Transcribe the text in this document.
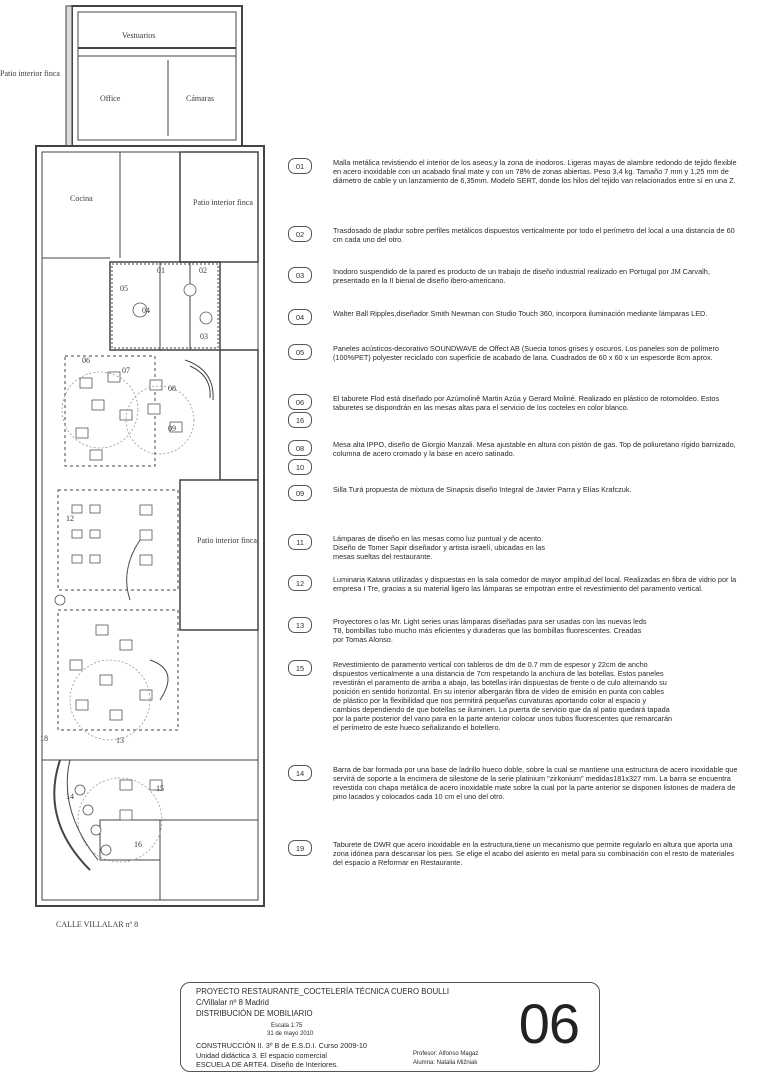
Vestuarios
Office	Cámaras
Cocina
Patio interior finca
Patio interior finca
Patio interior finca
CALLE VILLALAR nº 8
01	02
03
04
05
06
07
08
09
12
13
14
15
16
18
01	Malla metálica revistiendo el interior de los aseos,y la zona de inodoros. Ligeras mayas de alambre redondo de tejido flexible en acero inoxidable con un acabado final mate y con un 78% de zonas abiertas. Peso 3,4 kg. Tamaño 7 mm y 1,25 mm de diámetro de cable y un lanzamiento de 6,35mm. Modelo SERT, donde los hilos del tejido van relacionados entre sí en una Z.
02	Trasdosado de pladur sobre perfiles metálicos dispuestos verticalmente por todo el perímetro del local a una distancia de 60 cm cada uno del otro.
03	Inodoro suspendido de la pared es producto de un trabajo de diseño industrial realizado en Portugal por JM Carvalh, presentado en la II bienal de diseño ibero-americano.
04	Walter Ball Ripples,diseñador Smith Newman con Studio Touch 360, incorpora iluminación mediante lámparas LED.
05	Paneles acústicos-decorativo SOUNDWAVE de Offect AB (Suecia tonos grises y oscuros. Los paneles son de polímero (100%PET) polyester reciclado con superficie de acabado de lana. Cuadrados de 60 x 60 x un espesorde 8cm aprox.
06	El taburete Flod está diseñado por Azúmolinê Martin Azúa y Gerard Moliné. Realizado en plástico de rotomoldeo. Estos taburetes se dispondrán en las mesas altas para el servicio de los cocteles en color blanco.
16
08	Mesa alta IPPO, diseño de Giorgio Manzali. Mesa ajustable en altura con pistón de gas. Top de poliuretano rígido barnizado, columna de acero cromado y la base en acero satinado.
10
09	Silla Turá propuesta de mixtura de Sinapsis diseño Integral de Javier Parra y Elías Krafczuk.
11	Lámparas de diseño en las mesas como luz puntual y de acento. Diseño de Tomer Sapir diseñador y artista israelí, ubicadas en las mesas sueltas del restaurante.
12	Luminaria Katana utilizadas y dispuestas en la sala comedor de mayor amplitud del local. Realizadas en fibra de vidrio por la empresa I Tre, gracias a su material ligero las lámparas se empotran entre el revestimiento del paramento vertical.
13	Proyectores o las Mr. Light series unas lámparas diseñadas para ser usadas con las nuevas leds T8, bombillas tubo mucho más eficientes y duraderas que las bombillas fluorescentes. Creadas por Tomas Alonso.
15	Revestimiento de paramento vertical con tableros de dm de 0.7 mm de espesor y 22cm de ancho dispuestos verticalmente a una distancia de 7cm respetando la anchura de las botellas. Estos paneles revestirán el paramento de arriba a abajo, las botellas irán dispuestas de frente o de culo alternando su posición en sentido horizontal. En su interior albergarán fibra de vídeo de emisión en punta con cables de plástico por la flexibilidad que nos permitirá pequeñas curvaturas aportando color al espacio y cambios dependiendo de que botellas se iluminen. La puerta de servicio que da al patio quedará tapada por la parte posterior del vano para en la parte anterior colocar unos tubos fluorescentes que remarcarán el perímetro de este hueco señalizando el botellero.
14	Barra de bar formada por una base de ladrillo hueco doble, sobre la cual se mantiene una estructura de acero inoxidable que servirá de soporte a la encimera de silestone de la serie platinium "zirkonium" medidas181x327 mm. La barra se encuentra revestida con chapa metálica de acero inoxidable mate sobre la cual por la parte anterior se disponen listones de madera de pino lacados y colocados cada 10 cm el uno del otro.
19	Taburete de DWR que acero inoxidable en la estructura,tiene un mecanismo que permite regularlo en altura que aporta una zona idónea para descansar los pies. Se elige el acabo del asiento en metal para su combinación con el resto de materiales del espacio a Reformar en Restaurante.
PROYECTO RESTAURANTE_COCTELERÍA TÉCNICA CUERO BOULLI
C/Villalar nº 8 Madrid
DISTRIBUCIÓN DE MOBILIARIO
Escala 1:75
31 de mayo 2010
CONSTRUCCIÓN II. 3º B de E.S.D.I. Curso 2009-10
Unidad didáctica 3. El espacio comercial
ESCUELA DE ARTE4. Diseño de Interiores.
Profesor: Alfonso Magaz
Alumna: Natalia Miźniak
06
